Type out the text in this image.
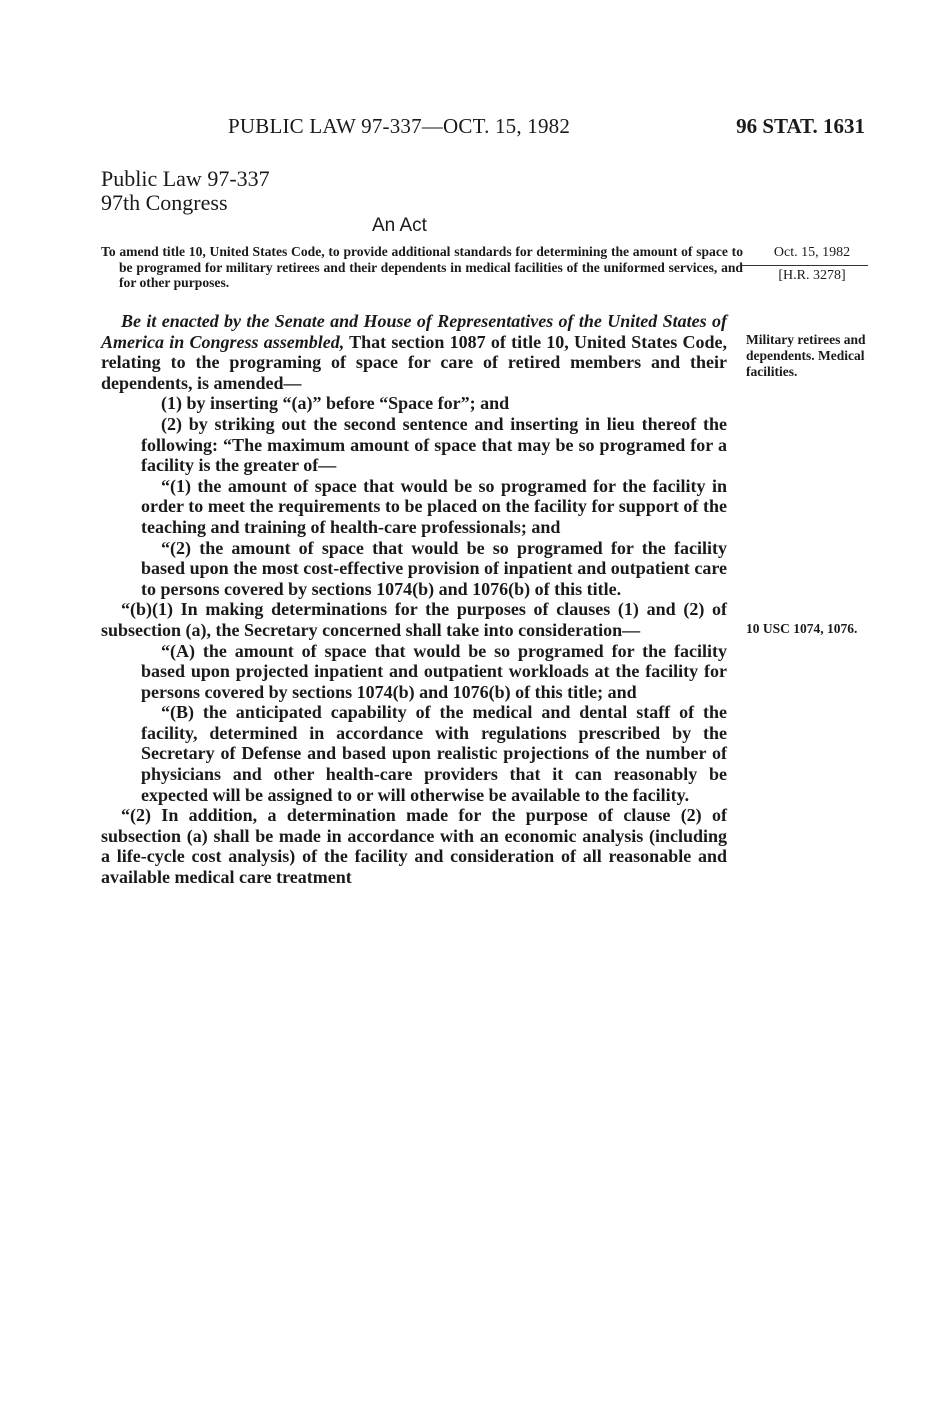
PUBLIC LAW 97-337—OCT. 15, 1982	96 STAT. 1631
Public Law 97-337
97th Congress
An Act
To amend title 10, United States Code, to provide additional standards for determining the amount of space to be programed for military retirees and their dependents in medical facilities of the uniformed services, and for other purposes.
Oct. 15, 1982
[H.R. 3278]
Military retirees and dependents. Medical facilities.
10 USC 1074, 1076.

Be it enacted by the Senate and House of Representatives of the United States of America in Congress assembled, That section 1087 of title 10, United States Code, relating to the programing of space for care of retired members and their dependents, is amended—

(1) by inserting “(a)” before “Space for”; and

(2) by striking out the second sentence and inserting in lieu thereof the following: “The maximum amount of space that may be so programed for a facility is the greater of—

“(1) the amount of space that would be so programed for the facility in order to meet the requirements to be placed on the facility for support of the teaching and training of health-care professionals; and

“(2) the amount of space that would be so programed for the facility based upon the most cost-effective provision of inpatient and outpatient care to persons covered by sections 1074(b) and 1076(b) of this title.

“(b)(1) In making determinations for the purposes of clauses (1) and (2) of subsection (a), the Secretary concerned shall take into consideration—

“(A) the amount of space that would be so programed for the facility based upon projected inpatient and outpatient workloads at the facility for persons covered by sections 1074(b) and 1076(b) of this title; and

“(B) the anticipated capability of the medical and dental staff of the facility, determined in accordance with regulations prescribed by the Secretary of Defense and based upon realistic projections of the number of physicians and other health-care providers that it can reasonably be expected will be assigned to or will otherwise be available to the facility.

“(2) In addition, a determination made for the purpose of clause (2) of subsection (a) shall be made in accordance with an economic analysis (including a life-cycle cost analysis) of the facility and consideration of all reasonable and available medical care treatment
